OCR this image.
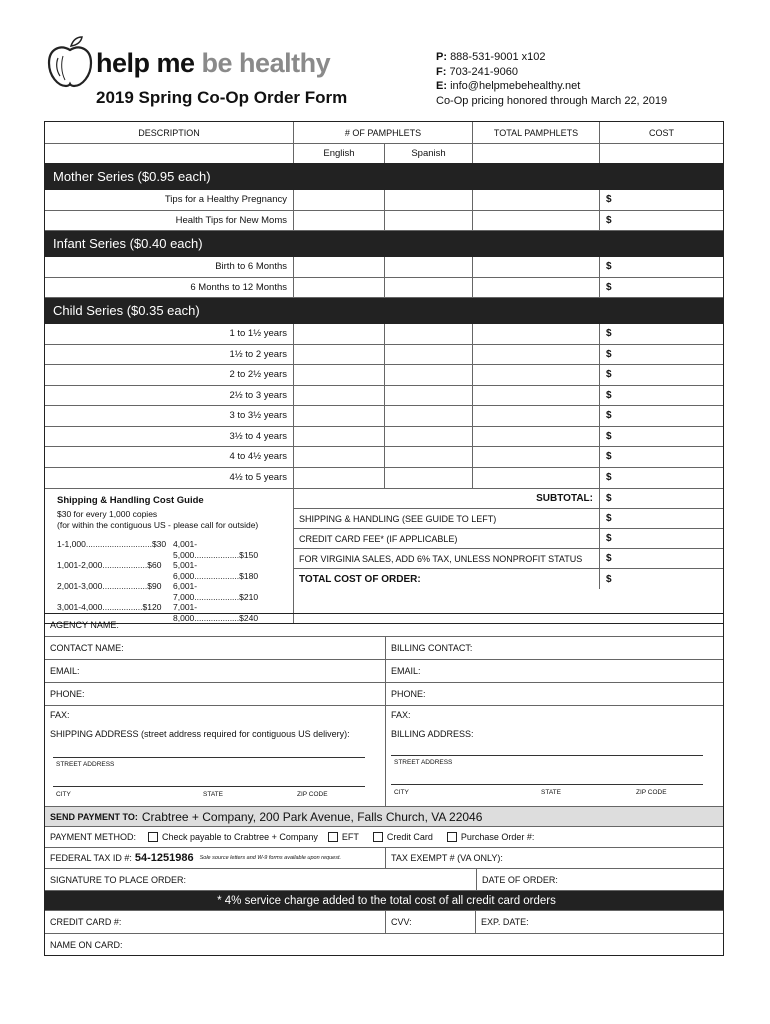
help me be healthy
2019 Spring Co-Op Order Form
P: 888-531-9001 x102
F: 703-241-9060
E: info@helpmebehealthy.net
Co-Op pricing honored through March 22, 2019
DESCRIPTION	# OF PAMPHLETS	TOTAL PAMPHLETS	COST
English	Spanish
Mother Series ($0.95 each)
Tips for a Healthy Pregnancy	$
Health Tips for New Moms	$
Infant Series ($0.40 each)
Birth to 6 Months	$
6 Months to 12 Months	$
Child Series ($0.35 each)
1 to 1½ years	$
1½ to 2 years	$
2 to 2½ years	$
2½ to 3 years	$
3 to 3½ years	$
3½ to 4 years	$
4 to 4½ years	$
4½ to 5 years	$
Shipping & Handling Cost Guide
$30 for every 1,000 copies
(for within the contiguous US - please call for outside)
1-1,000............................$30 4,001-5,000...................$150
1,001-2,000...................$60	5,001-6,000...................$180
2,001-3,000...................$90	6,001-7,000...................$210
3,001-4,000.................$120	7,001-8,000...................$240
SUBTOTAL:	$
SHIPPING & HANDLING (SEE GUIDE TO LEFT)	$
CREDIT CARD FEE* (IF APPLICABLE)	$
FOR VIRGINIA SALES, ADD 6% TAX, UNLESS NONPROFIT STATUS	$
TOTAL COST OF ORDER:	$
AGENCY NAME:
CONTACT NAME:	BILLING CONTACT:
EMAIL:	EMAIL:
PHONE:	PHONE:
FAX:	FAX:
SHIPPING ADDRESS (street address required for contiguous US delivery):
STREET ADDRESS
CITY	STATE	ZIP CODE
BILLING ADDRESS:
STREET ADDRESS
CITY	STATE	ZIP CODE
SEND PAYMENT TO: Crabtree + Company, 200 Park Avenue, Falls Church, VA 22046
PAYMENT METHOD:	Check payable to Crabtree + Company	EFT	Credit Card	Purchase Order #:
FEDERAL TAX ID #: 54-1251986 Sole source letters and W-9 forms available upon request.	TAX EXEMPT # (VA ONLY):
SIGNATURE TO PLACE ORDER:	DATE OF ORDER:
* 4% service charge added to the total cost of all credit card orders
CREDIT CARD #:	CVV:	EXP. DATE:
NAME ON CARD:
